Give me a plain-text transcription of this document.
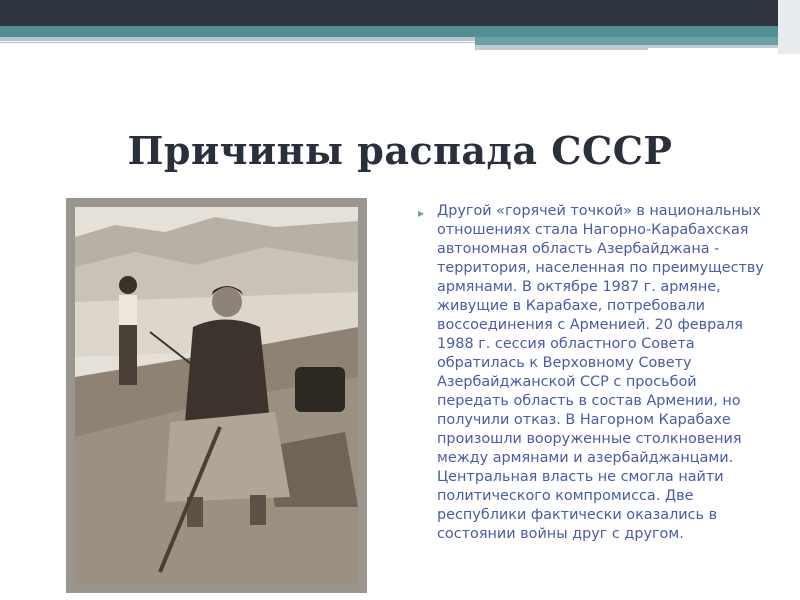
Причины распада СССР
▸ Другой «горячей точкой» в национальных отношениях стала Нагорно-Карабахская автономная область Азербайджана - территория, населенная по преимуществу армянами. В октябре 1987 г. армяне, живущие в Карабахе, потребовали воссоединения с Арменией. 20 февраля 1988 г. сессия областного Совета обратилась к Верховному Совету Азербайджанской ССР с просьбой передать область в состав Армении, но получили отказ. В Нагорном Карабахе произошли вооруженные столкновения между армянами и азербайджанцами. Центральная власть не смогла найти политического компромисса. Две республики фактически оказались в состоянии войны друг с другом.
